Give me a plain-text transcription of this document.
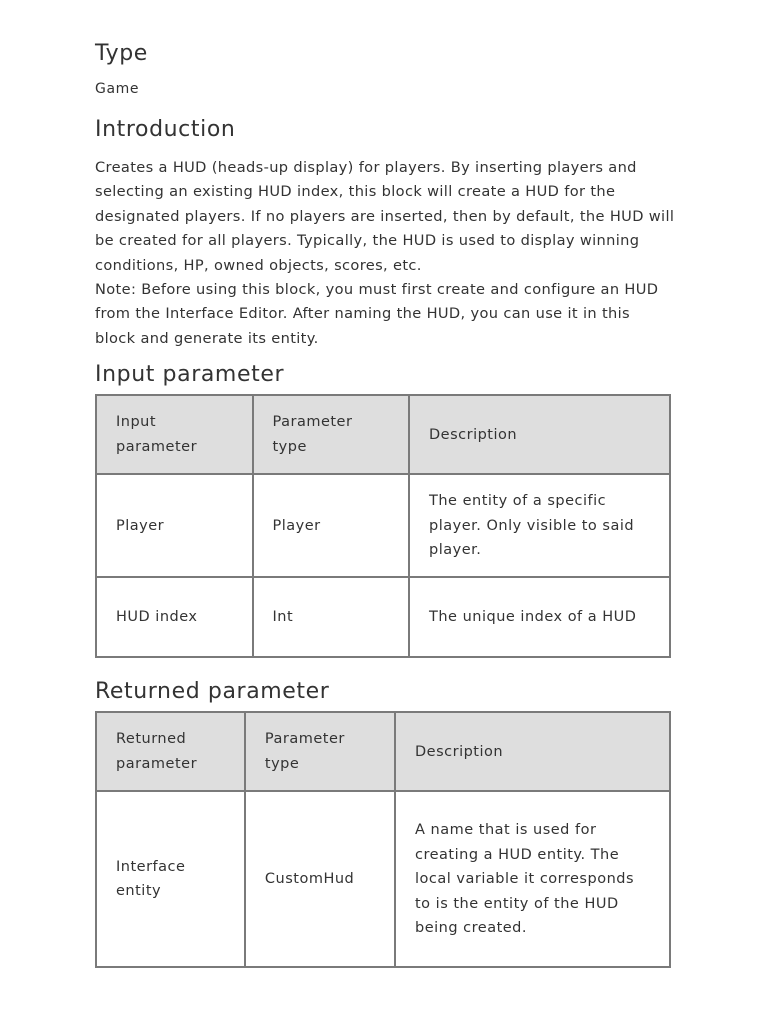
Type
Game
Introduction

Creates a HUD (heads-up display) for players. By inserting players and selecting an existing HUD index, this block will create a HUD for the designated players. If no players are inserted, then by default, the HUD will be created for all players. Typically, the HUD is used to display winning conditions, HP, owned objects, scores, etc.

Note: Before using this block, you must first create and configure an HUD from the Interface Editor. After naming the HUD, you can use it in this block and generate its entity.

Input parameter
Input parameter	Parameter type	Description

Player	Player	The entity of a specific player. Only visible to said player.

HUD index	Int	The unique index of a HUD
Returned parameter
Returned parameter	Parameter type	Description

Interface entity	CustomHud	A name that is used for creating a HUD entity. The local variable it corresponds to is the entity of the HUD being created.
